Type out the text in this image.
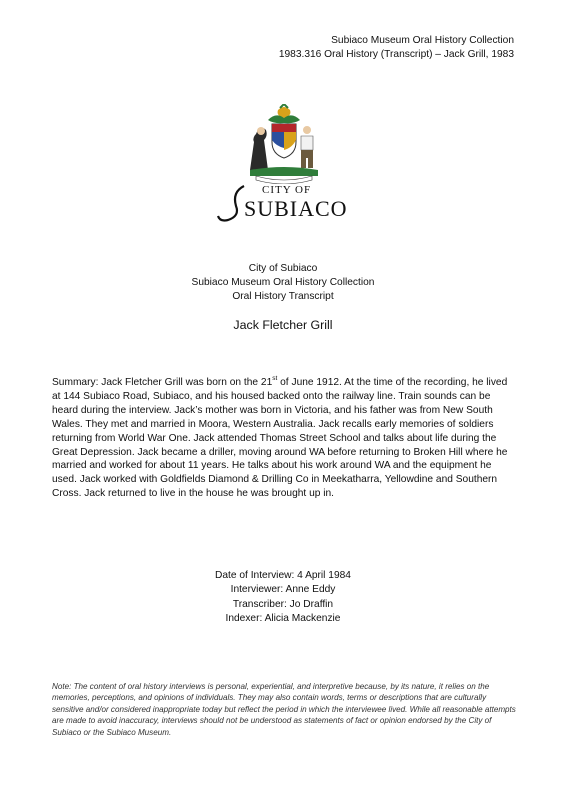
Subiaco Museum Oral History Collection
1983.316 Oral History (Transcript) – Jack Grill, 1983
CITY OF
SUBIACO
City of Subiaco
Subiaco Museum Oral History Collection
Oral History Transcript
Jack Fletcher Grill
Summary: Jack Fletcher Grill was born on the 21st of June 1912. At the time of the recording, he lived at 144 Subiaco Road, Subiaco, and his housed backed onto the railway line. Train sounds can be heard during the interview. Jack’s mother was born in Victoria, and his father was from New South Wales. They met and married in Moora, Western Australia. Jack recalls early memories of soldiers returning from World War One. Jack attended Thomas Street School and talks about life during the Great Depression. Jack became a driller, moving around WA before returning to Broken Hill where he married and worked for about 11 years. He talks about his work around WA and the equipment he used. Jack worked with Goldfields Diamond & Drilling Co in Meekatharra, Yellowdine and Southern Cross. Jack returned to live in the house he was brought up in.
Date of Interview: 4 April 1984
Interviewer: Anne Eddy
Transcriber: Jo Draffin
Indexer: Alicia Mackenzie
Note: The content of oral history interviews is personal, experiential, and interpretive because, by its nature, it relies on the memories, perceptions, and opinions of individuals. They may also contain words, terms or descriptions that are culturally sensitive and/or considered inappropriate today but reflect the period in which the interviewee lived. While all reasonable attempts are made to avoid inaccuracy, interviews should not be understood as statements of fact or opinion endorsed by the City of Subiaco or the Subiaco Museum.
